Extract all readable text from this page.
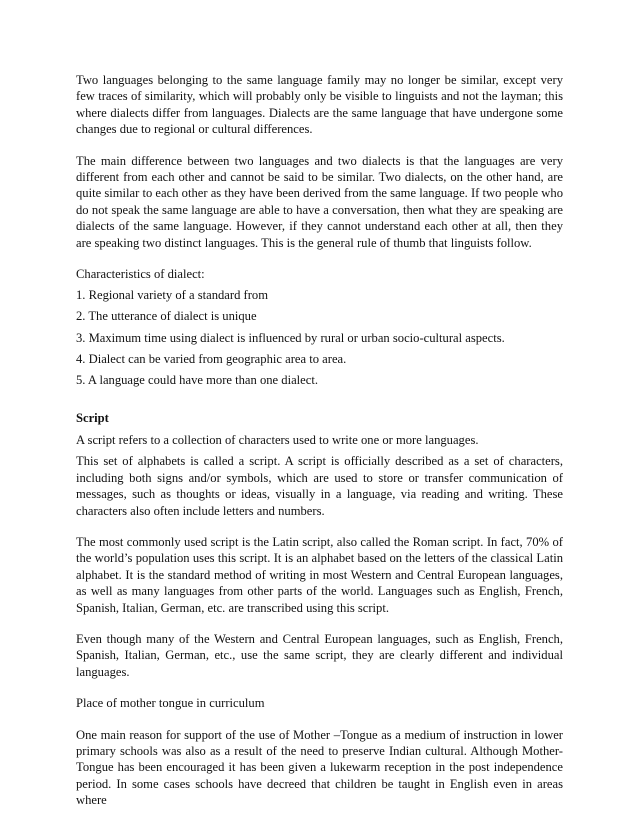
Two languages belonging to the same language family may no longer be similar, except very few traces of similarity, which will probably only be visible to linguists and not the layman; this where dialects differ from languages. Dialects are the same language that have undergone some changes due to regional or cultural differences.

The main difference between two languages and two dialects is that the languages are very different from each other and cannot be said to be similar. Two dialects, on the other hand, are quite similar to each other as they have been derived from the same language. If two people who do not speak the same language are able to have a conversation, then what they are speaking are dialects of the same language. However, if they cannot understand each other at all, then they are speaking two distinct languages. This is the general rule of thumb that linguists follow.

Characteristics of dialect:

1. Regional variety of a standard from

2. The utterance of dialect is unique

3. Maximum time using dialect is influenced by rural or urban socio-cultural aspects.

4. Dialect can be varied from geographic area to area.

5. A language could have more than one dialect.

Script

A script refers to a collection of characters used to write one or more languages.

This set of alphabets is called a script. A script is officially described as a set of characters, including both signs and/or symbols, which are used to store or transfer communication of messages, such as thoughts or ideas, visually in a language, via reading and writing. These characters also often include letters and numbers.

The most commonly used script is the Latin script, also called the Roman script. In fact, 70% of the world’s population uses this script. It is an alphabet based on the letters of the classical Latin alphabet. It is the standard method of writing in most Western and Central European languages, as well as many languages from other parts of the world. Languages such as English, French, Spanish, Italian, German, etc. are transcribed using this script.

Even though many of the Western and Central European languages, such as English, French, Spanish, Italian, German, etc., use the same script, they are clearly different and individual languages.

Place of mother tongue in curriculum

One main reason for support of the use of Mother –Tongue as a medium of instruction in lower primary schools was also as a result of the need to preserve Indian cultural. Although Mother-Tongue has been encouraged it has been given a lukewarm reception in the post independence period. In some cases schools have decreed that children be taught in English even in areas where
